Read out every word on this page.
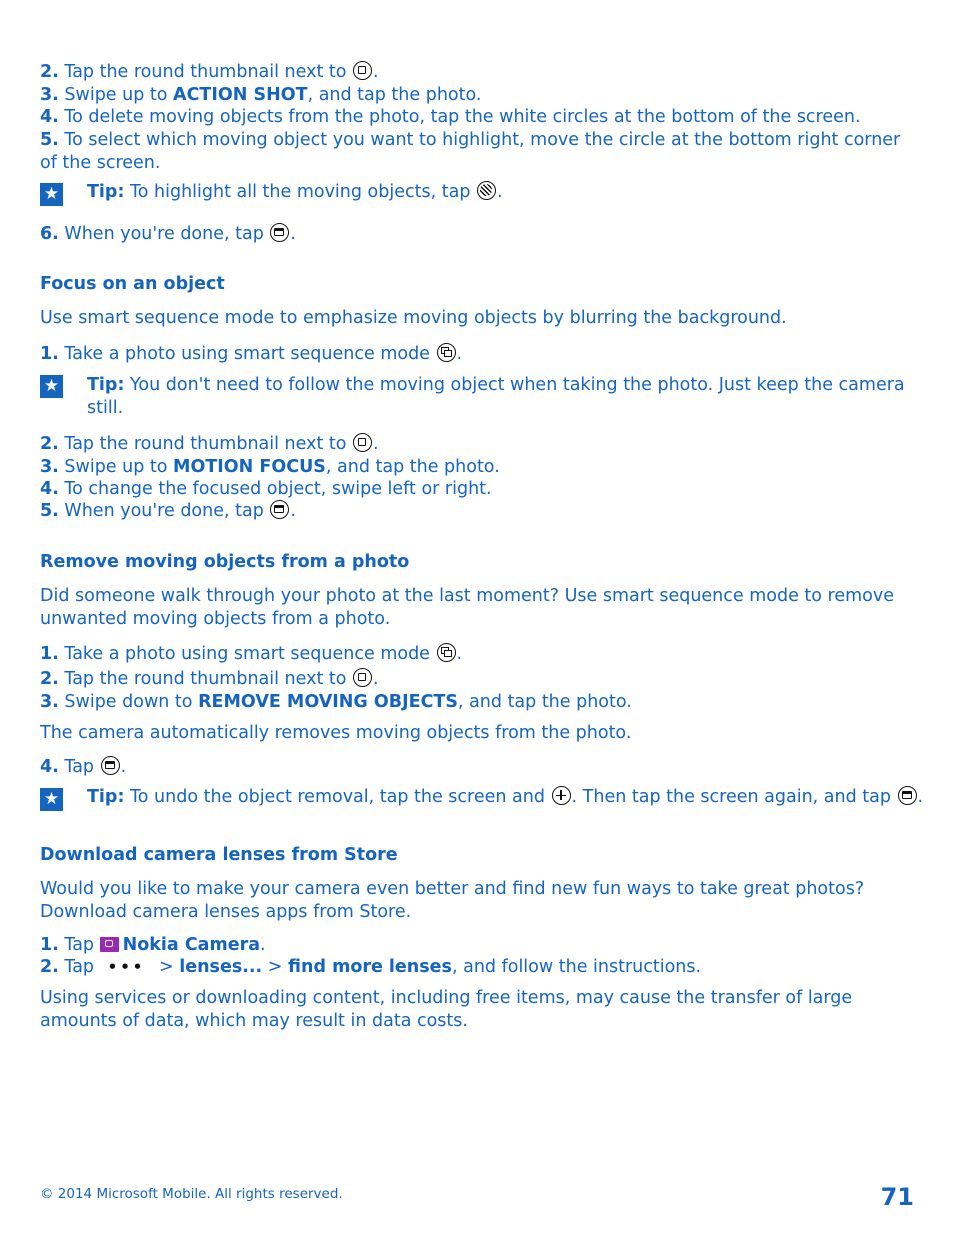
2. Tap the round thumbnail next to .
3. Swipe up to ACTION SHOT, and tap the photo.
4. To delete moving objects from the photo, tap the white circles at the bottom of the screen.
5. To select which moving object you want to highlight, move the circle at the bottom right corner of the screen.
★ Tip: To highlight all the moving objects, tap .
6. When you're done, tap .
Focus on an object
Use smart sequence mode to emphasize moving objects by blurring the background.
1. Take a photo using smart sequence mode .
★ Tip: You don't need to follow the moving object when taking the photo. Just keep the camera still.
2. Tap the round thumbnail next to .
3. Swipe up to MOTION FOCUS, and tap the photo.
4. To change the focused object, swipe left or right.
5. When you're done, tap .
Remove moving objects from a photo
Did someone walk through your photo at the last moment? Use smart sequence mode to remove unwanted moving objects from a photo.
1. Take a photo using smart sequence mode .
2. Tap the round thumbnail next to .
3. Swipe down to REMOVE MOVING OBJECTS, and tap the photo.
The camera automatically removes moving objects from the photo.
4. Tap .
★ Tip: To undo the object removal, tap the screen and . Then tap the screen again, and tap .
Download camera lenses from Store
Would you like to make your camera even better and find new fun ways to take great photos? Download camera lenses apps from Store.
1. Tap Nokia Camera.
2. Tap ••• > lenses... > find more lenses, and follow the instructions.
Using services or downloading content, including free items, may cause the transfer of large amounts of data, which may result in data costs.
© 2014 Microsoft Mobile. All rights reserved.	71
